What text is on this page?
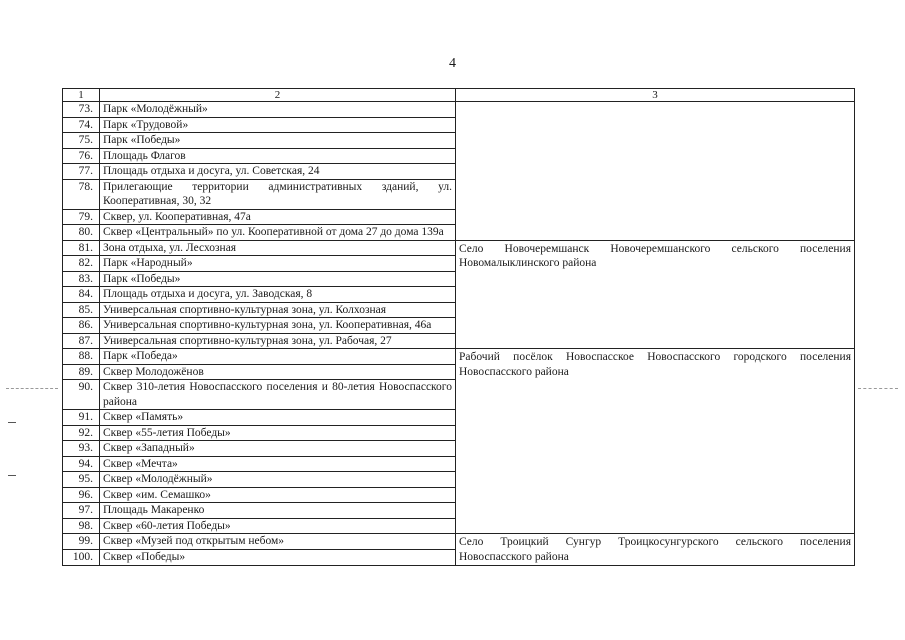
4
1	2	3
73.	Парк «Молодёжный»	
74.	Парк «Трудовой»	
75.	Парк «Победы»	
76.	Площадь Флагов	
77.	Площадь отдыха и досуга, ул. Советская, 24	
78.	Прилегающие территории административных зданий, ул. Кооперативная, 30, 32	
79.	Сквер, ул. Кооперативная, 47а	
80.	Сквер «Центральный» по ул. Кооперативной от дома 27 до дома 139а	
81.	Зона отдыха, ул. Лесхозная	Село Новочеремшанск Новочеремшанского сельского поселения Новомалыклинского района
82.	Парк «Народный»	
83.	Парк «Победы»	
84.	Площадь отдыха и досуга, ул. Заводская, 8	
85.	Универсальная спортивно-культурная зона, ул. Колхозная	
86.	Универсальная спортивно-культурная зона, ул. Кооперативная, 46а	
87.	Универсальная спортивно-культурная зона, ул. Рабочая, 27	
88.	Парк «Победа»	Рабочий посёлок Новоспасское Новоспасского городского поселения Новоспасского района
89.	Сквер Молодожёнов	
90.	Сквер 310-летия Новоспасского поселения и 80-летия Новоспасского района	
91.	Сквер «Память»	
92.	Сквер «55-летия Победы»	
93.	Сквер «Западный»	
94.	Сквер «Мечта»	
95.	Сквер «Молодёжный»	
96.	Сквер «им. Семашко»	
97.	Площадь Макаренко	
98.	Сквер «60-летия Победы»	
99.	Сквер «Музей под открытым небом»	Село Троицкий Сунгур Троицкосунгурского сельского поселения Новоспасского района
100.	Сквер «Победы»	
